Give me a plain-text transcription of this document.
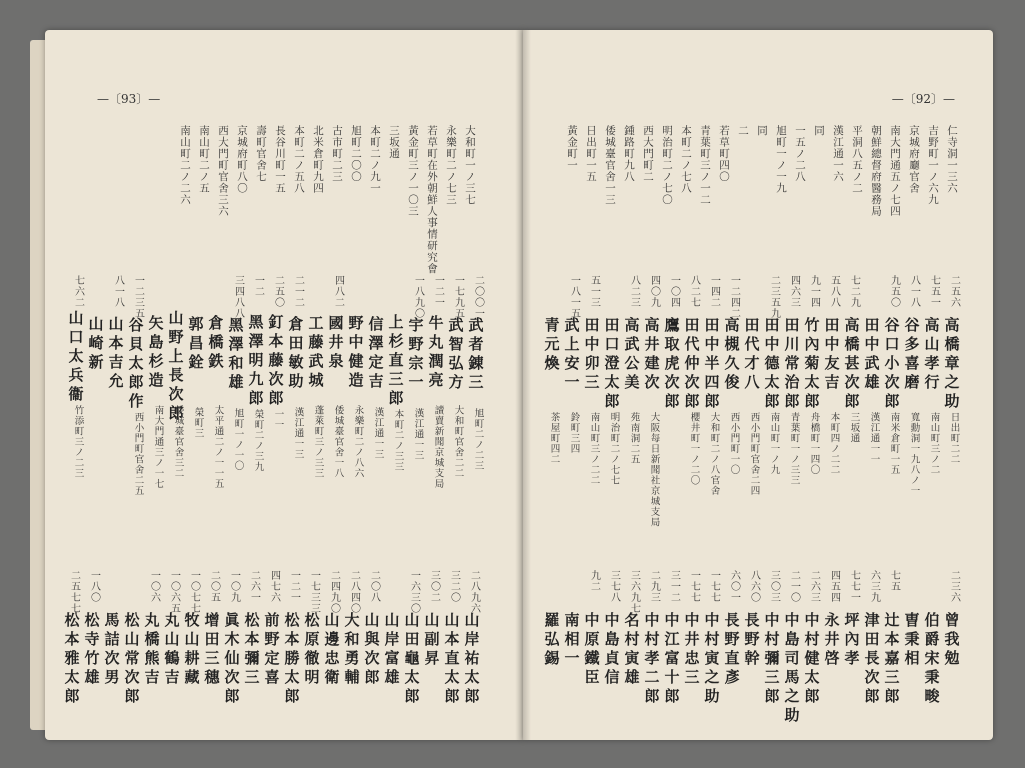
—〔93〕—
大和町一ノ三七
永樂町二ノ七三
若草町在外朝鮮人事情研究會
黃金町三ノ一〇三
三坂通
本町二ノ九一
旭町二〇〇
古市町二三
北米倉町九四
本町二ノ五八
長谷川町一五
壽町官舍七
京城府町八〇
西大門町官舍三六
南山町二ノ五
南山町二ノ二六
二〇〇一
武者錬三
旭町二ノ二三
一七九五
武智弘方
大和町官舍二二
一二一
牛丸潤亮
讀賣新聞京城支局
一八九〇
宇野宗一
漢江通一三
上杉直三郎
本町二ノ三三
信澤定吉
漢江通一三
野中健造
永樂町二ノ八六
四八二
國井泉
倭城臺官舍一八
工藤武城
蓬萊町三ノ三三
二一二
倉田敏助
漢江通一三
二五〇
釘本藤次郎
一一
一二
黑澤明九郎
榮町二ノ三九
三四八八
黑澤和雄
旭町一ノ一〇
倉橋鉄
太平通二ノ一一五
郭昌銓
榮町三
山野上長次郎
倭城臺官舍三二
矢島杉造
南大門通三ノ一七
一二三五
谷貝太郎作
西小門町官舍二五
八一八
山本吉允
山崎新
七六二
山口太兵衞
竹添町三ノ二三
二八九六
山岸祐太郎
三二〇
山本直太郎
三〇二
山副昇
一六三〇
山田龜太郎
山岸富雄
二〇八
山與次郎
二八四〇
大和勇輔
二四九〇
山邊忠衛
一七三三
松原徹明
一二一
松本勝太郎
四七六
前野定喜
二六一
松本彌三
一〇九
眞木仙次郎
二〇五
增田三穗
一〇七七
牧山耕藏
一〇六五
丸山鶴吉
一〇六
丸橋熊吉
松山常次郎
馬詰次男
一八〇
松寺竹雄
二五七七
松本雅太郎
—〔92〕—
仁寺洞一三六
吉野町一ノ六九
京城府廳官舍
南大門通五ノ七四
朝鮮總督府醫務局
平洞八五ノ二
漢江通一六
同
一五ノ二八
旭町一ノ一九
同
二
若草町四〇
青葉町三ノ一二
本町二ノ七八
明治町二ノ七〇
西大門町二
鍾路町九八
倭城臺官舍一三
日出町一五
黃金町一
二五六
高橋章之助
日出町二二
七五一
高山孝行
南山町三ノ二
八一八
谷多喜磨
寬勳洞一九八ノ一
九五〇
谷口小次郎
南米倉町一五
田中武雄
漢江通一一
七二九
高橋甚次郎
三坂通
五八八
田中友吉
本町四ノ二二
九一四
竹內菊太郎
舟橋町一四〇
四六三
田川常治郎
青葉町一ノ三三
二三五九
田中德太郎
南山町一ノ九
田代才八
西小門町官舍二四
一二四二
高槻久俊
西小門町一〇
一四二
田中半四郎
大和町二ノ八官舍
八二七
田代仲次郎
櫻井町一ノ二〇
一〇四
鷹取虎次郎
四〇九
高井建次
大阪每日新聞社京城支局
八二三
高武公美
苑南洞二五
田口澄太郎
明治町二ノ七七
五一三
田中卯三
南山町三ノ二二
一八一五
武上安一
鈴町三四
青元煥
茶屋町四二
二三六
曾我勉
伯爵宋秉畯
曺秉相
七五
辻本嘉三郎
六三九
津田長次郎
七七一
坪內孝
四五四
永井啓
二六三
中村健太郎
二一〇
中島司馬之助
三〇三
中村彌三郎
八六〇
長野幹
六〇一
長野直彥
一七七
中村寅之助
一七七
中井忠三
三一二
中江富十郎
二九三
中村孝二郎
三六九七
名村寅雄
三七八
中島貞信
九二
中原鐵臣
南相一
羅弘錫
